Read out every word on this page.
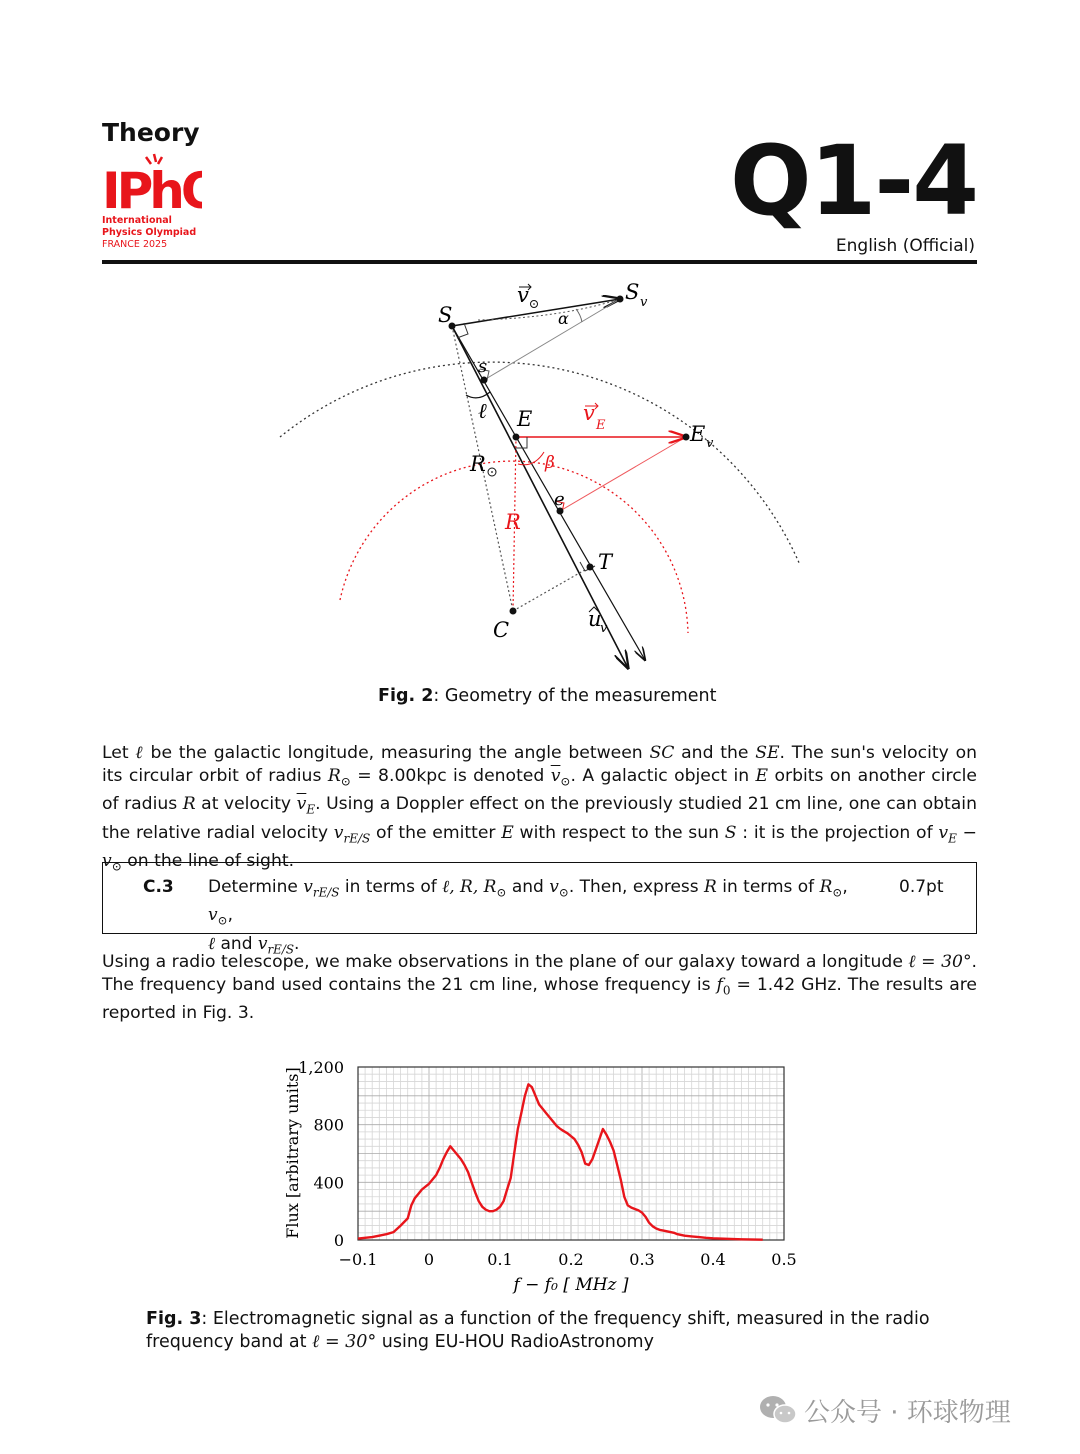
Theory
IPh
International
Physics Olympiad
FRANCE 2025
Q1-4
English (Official)
S
S v
v
α
s
ℓ E v
E	E v
β
R
e
R
T
C	u
v
Fig. 2: Geometry of the measurement
Let ℓ be the galactic longitude, measuring the angle between SC and the SE. The sun's velocity on its circular orbit of radius $R_⊙ = 8.00kpc$ is denoted $\overline{v}_⊙$. A galactic object in E orbits on another circle of radius R at velocity $\overline{v}_E$. Using a Doppler effect on the previously studied 21 cm line, one can obtain the relative radial velocity $v_{rE/S}$ of the emitter E with respect to the sun S : it is the projection of $v_E - v_⊙$ on the line of sight.
C.3 Determine $v_{rE/S}$ in terms of ℓ, R, $R_⊙$ and $v_⊙$. Then, express R in terms of $R_⊙$, $v_⊙$,
ℓ and $v_{rE/S}$.
0.7pt
Using a radio telescope, we make observations in the plane of our galaxy toward a longitude ℓ = 30°. The frequency band used contains the 21 cm line, whose frequency is $f_0 = 1.42$ GHz. The results are reported in Fig. 3.
−0.1	0	0.1	0.2	0.3	0.4	0.5
0
400
800
1,200
f − f₀ [ MHz ]
Flux [arbitrary units]
Fig. 3: Electromagnetic signal as a function of the frequency shift, measured in the radio frequency band at ℓ = 30° using EU-HOU RadioAstronomy
公众号 · 环球物理
